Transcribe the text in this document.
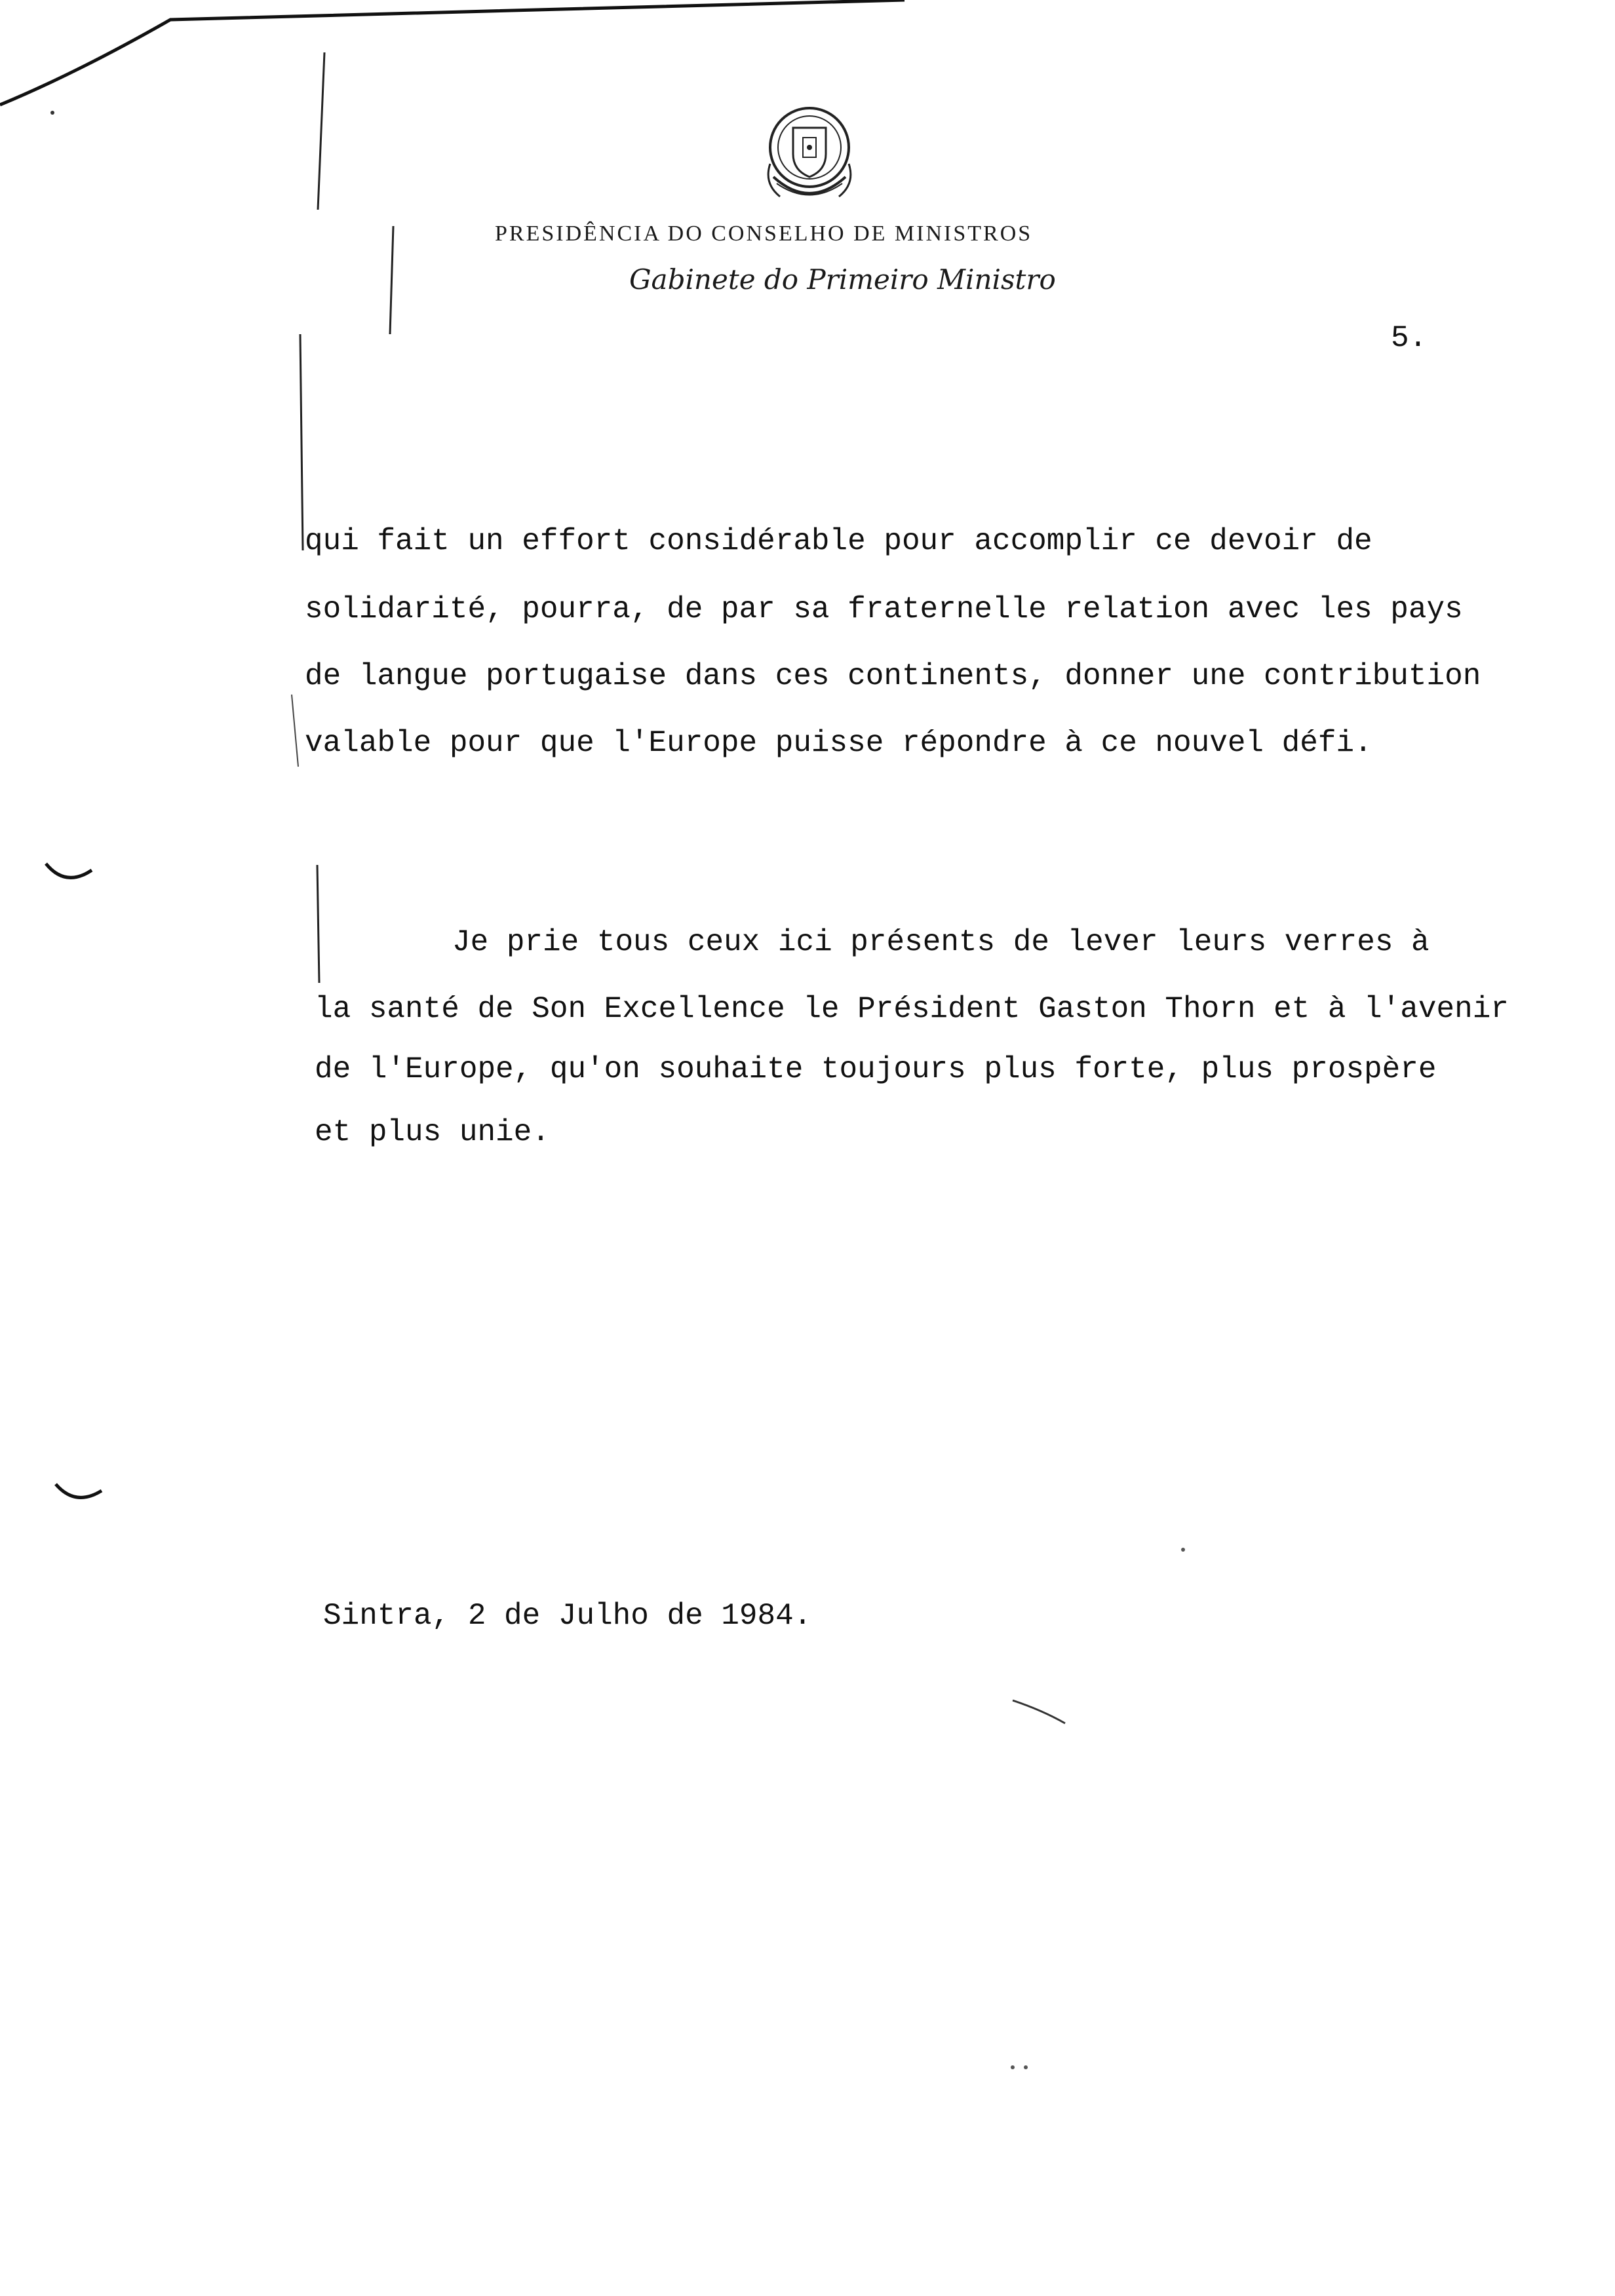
PRESIDÊNCIA DO CONSELHO DE MINISTROS
Gabinete do Primeiro Ministro
5.
qui fait un effort considérable pour accomplir ce devoir de
solidarité, pourra, de par sa fraternelle relation avec les pays
de langue portugaise dans ces continents, donner une contribution
valable pour que l'Europe puisse répondre à ce nouvel défi.
Je prie tous ceux ici présents de lever leurs verres à
la santé de Son Excellence le Président Gaston Thorn et à l'avenir
de l'Europe, qu'on souhaite toujours plus forte, plus prospère
et plus unie.
Sintra, 2 de Julho de 1984.
